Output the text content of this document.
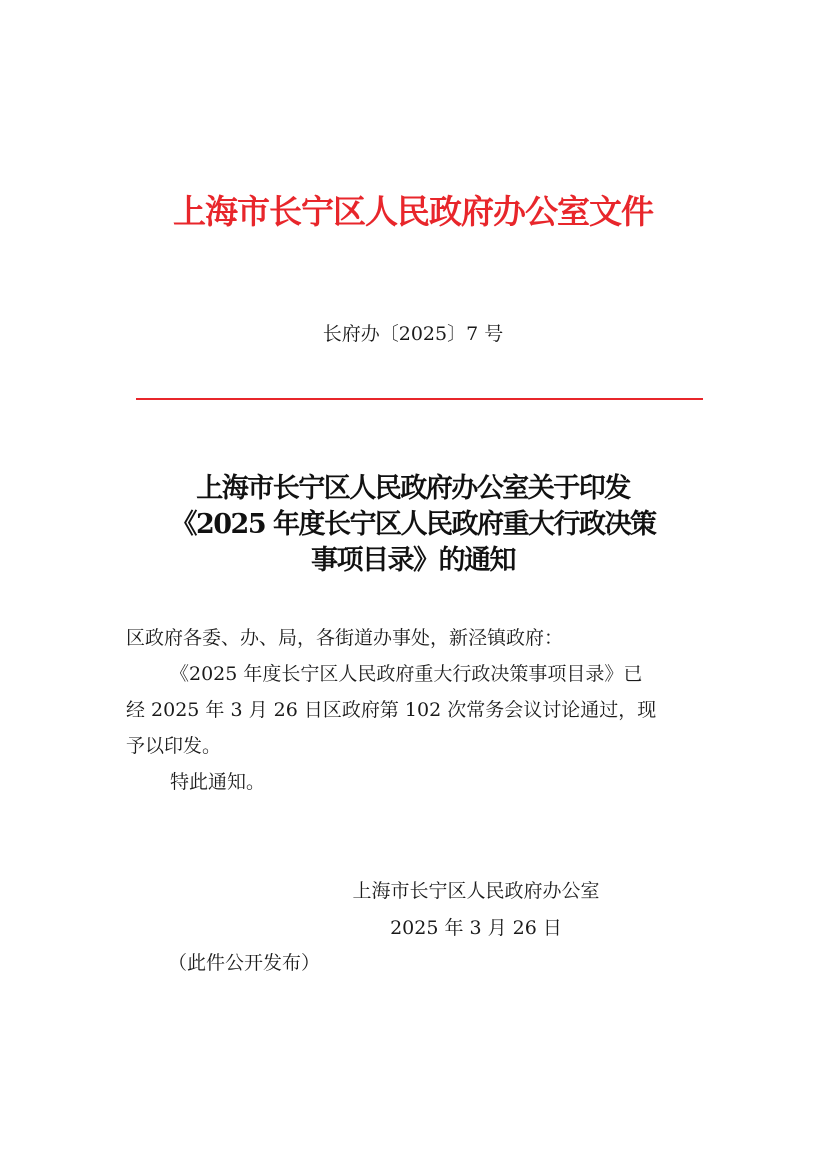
上海市长宁区人民政府办公室文件
长府办〔2025〕7 号
上海市长宁区人民政府办公室关于印发
《2025 年度长宁区人民政府重大行政决策
事项目录》的通知
区政府各委、办、局，各街道办事处，新泾镇政府：
《2025 年度长宁区人民政府重大行政决策事项目录》已
经 2025 年 3 月 26 日区政府第 102 次常务会议讨论通过，现
予以印发。
特此通知。
上海市长宁区人民政府办公室
2025 年 3 月 26 日
（此件公开发布）
